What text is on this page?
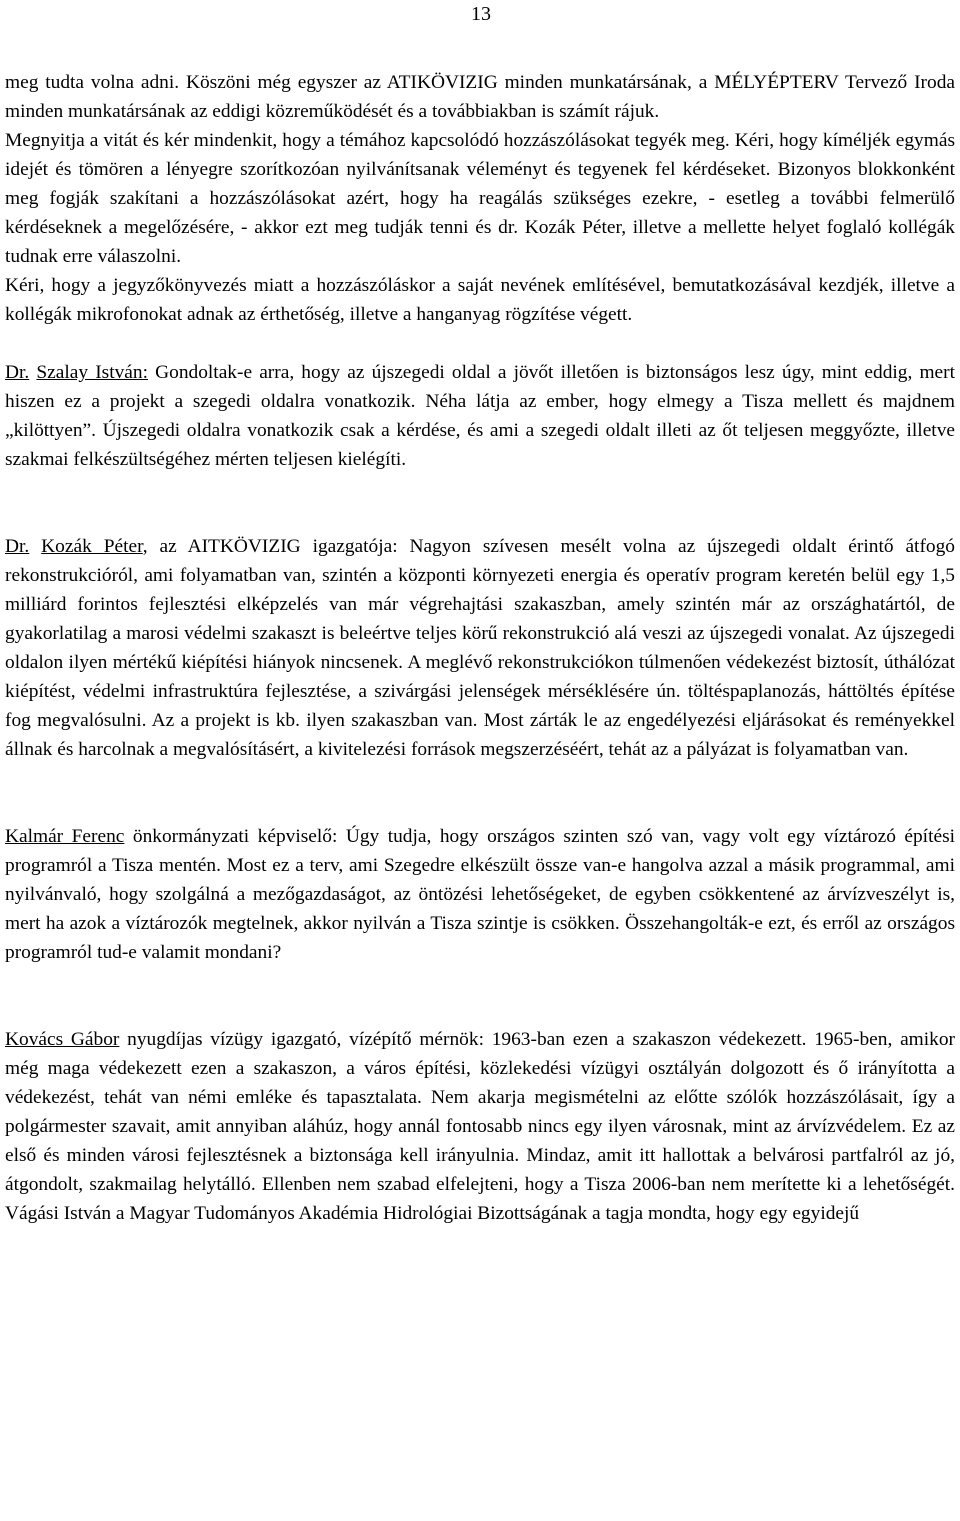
13

meg tudta volna adni. Köszöni még egyszer az ATIKÖVIZIG minden munkatársának, a MÉLYÉPTERV Tervező Iroda minden munkatársának az eddigi közreműködését és a továbbiakban is számít rájuk.

Megnyitja a vitát és kér mindenkit, hogy a témához kapcsolódó hozzászólásokat tegyék meg. Kéri, hogy kíméljék egymás idejét és tömören a lényegre szorítkozóan nyilvánítsanak véleményt és tegyenek fel kérdéseket. Bizonyos blokkonként meg fogják szakítani a hozzászólásokat azért, hogy ha reagálás szükséges ezekre, - esetleg a további felmerülő kérdéseknek a megelőzésére, - akkor ezt meg tudják tenni és dr. Kozák Péter, illetve a mellette helyet foglaló kollégák tudnak erre válaszolni.

Kéri, hogy a jegyzőkönyvezés miatt a hozzászóláskor a saját nevének említésével, bemutatkozásával kezdjék, illetve a kollégák mikrofonokat adnak az érthetőség, illetve a hanganyag rögzítése végett.

Dr. Szalay István: Gondoltak-e arra, hogy az újszegedi oldal a jövőt illetően is biztonságos lesz úgy, mint eddig, mert hiszen ez a projekt a szegedi oldalra vonatkozik. Néha látja az ember, hogy elmegy a Tisza mellett és majdnem „kilöttyen”. Újszegedi oldalra vonatkozik csak a kérdése, és ami a szegedi oldalt illeti az őt teljesen meggyőzte, illetve szakmai felkészültségéhez mérten teljesen kielégíti.

Dr. Kozák Péter, az AITKÖVIZIG igazgatója: Nagyon szívesen mesélt volna az újszegedi oldalt érintő átfogó rekonstrukcióról, ami folyamatban van, szintén a központi környezeti energia és operatív program keretén belül egy 1,5 milliárd forintos fejlesztési elképzelés van már végrehajtási szakaszban, amely szintén már az országhatártól, de gyakorlatilag a marosi védelmi szakaszt is beleértve teljes körű rekonstrukció alá veszi az újszegedi vonalat. Az újszegedi oldalon ilyen mértékű kiépítési hiányok nincsenek. A meglévő rekonstrukciókon túlmenően védekezést biztosít, úthálózat kiépítést, védelmi infrastruktúra fejlesztése, a szivárgási jelenségek mérséklésére ún. töltéspaplanozás, háttöltés építése fog megvalósulni. Az a projekt is kb. ilyen szakaszban van. Most zárták le az engedélyezési eljárásokat és reményekkel állnak és harcolnak a megvalósításért, a kivitelezési források megszerzéséért, tehát az a pályázat is folyamatban van.

Kalmár Ferenc önkormányzati képviselő: Úgy tudja, hogy országos szinten szó van, vagy volt egy víztározó építési programról a Tisza mentén. Most ez a terv, ami Szegedre elkészült össze van-e hangolva azzal a másik programmal, ami nyilvánvaló, hogy szolgálná a mezőgazdaságot, az öntözési lehetőségeket, de egyben csökkentené az árvízveszélyt is, mert ha azok a víztározók megtelnek, akkor nyilván a Tisza szintje is csökken. Összehangolták-e ezt, és erről az országos programról tud-e valamit mondani?

Kovács Gábor nyugdíjas vízügy igazgató, vízépítő mérnök: 1963-ban ezen a szakaszon védekezett. 1965-ben, amikor még maga védekezett ezen a szakaszon, a város építési, közlekedési vízügyi osztályán dolgozott és ő irányította a védekezést, tehát van némi emléke és tapasztalata. Nem akarja megismételni az előtte szólók hozzászólásait, így a polgármester szavait, amit annyiban aláhúz, hogy annál fontosabb nincs egy ilyen városnak, mint az árvízvédelem. Ez az első és minden városi fejlesztésnek a biztonsága kell irányulnia. Mindaz, amit itt hallottak a belvárosi partfalról az jó, átgondolt, szakmailag helytálló. Ellenben nem szabad elfelejteni, hogy a Tisza 2006-ban nem merítette ki a lehetőségét. Vágási István a Magyar Tudományos Akadémia Hidrológiai Bizottságának a tagja mondta, hogy egy egyidejű
